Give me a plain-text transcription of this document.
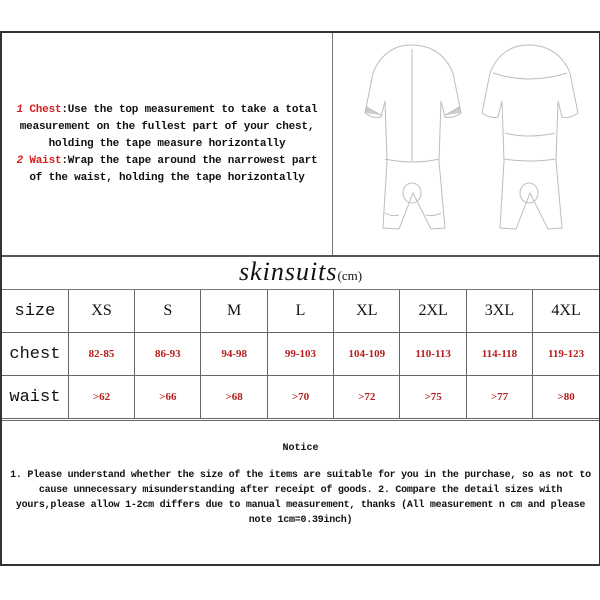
1 Chest:Use the top measurement to take a total measurement on the fullest part of your chest, holding the tape measure horizontally
2 Waist:Wrap the tape around the narrowest part of the waist, holding the tape horizontally
skinsuits(cm)
size	XS	S	M	L	XL	2XL	3XL	4XL
chest	82-85	86-93	94-98	99-103	104-109	110-113	114-118	119-123
waist	>62	>66	>68	>70	>72	>75	>77	>80
Notice
1. Please understand whether the size of the items are suitable for you in the purchase, so as not to cause unnecessary misunderstanding after receipt of goods. 2. Compare the detail sizes with yours,please allow 1-2cm differs due to manual measurement, thanks (All measurement n cm and please note 1cm=0.39inch)
